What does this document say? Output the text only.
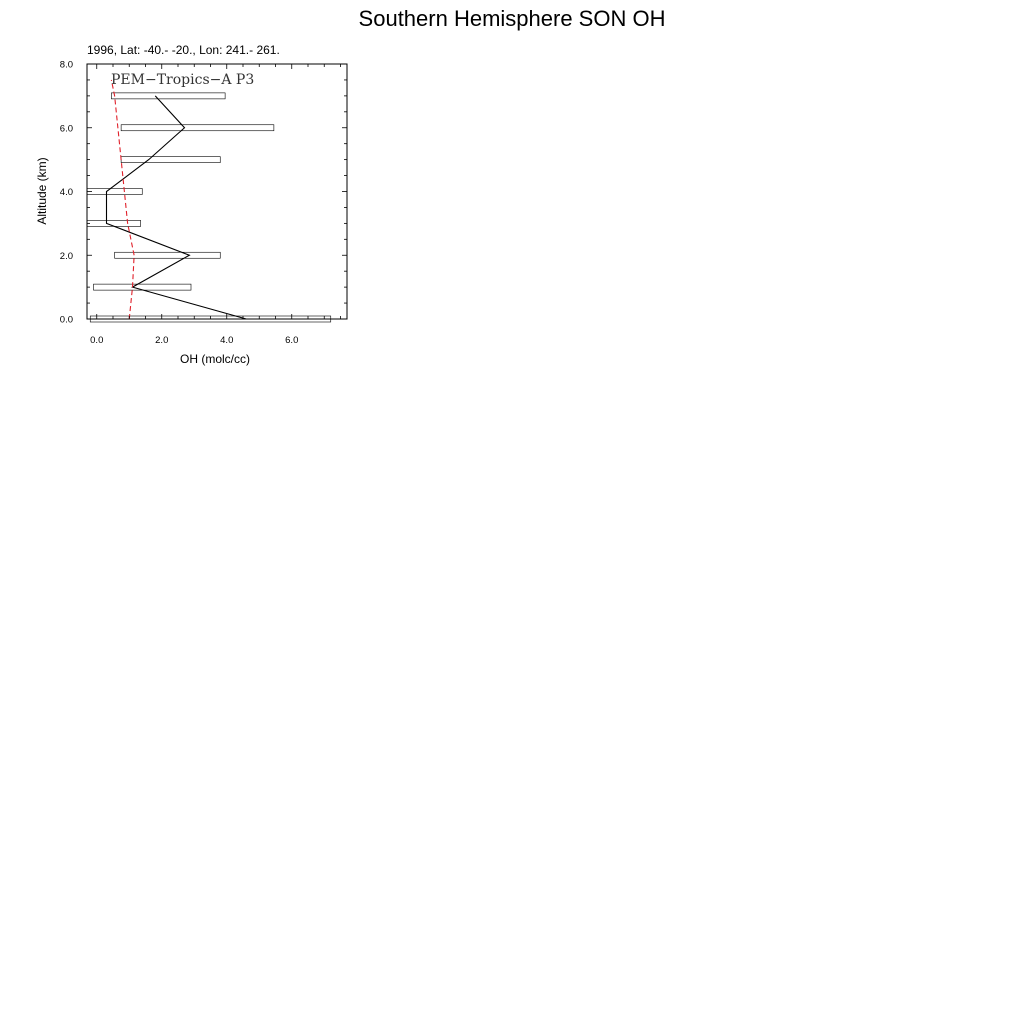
Southern Hemisphere SON OH
1996, Lat: -40.- -20., Lon: 241.- 261.
0.0	2.0	4.0	6.0
0.0
2.0
4.0
6.0
8.0
PEM−Tropics−A P3
OH (molc/cc)
Altitude (km)
